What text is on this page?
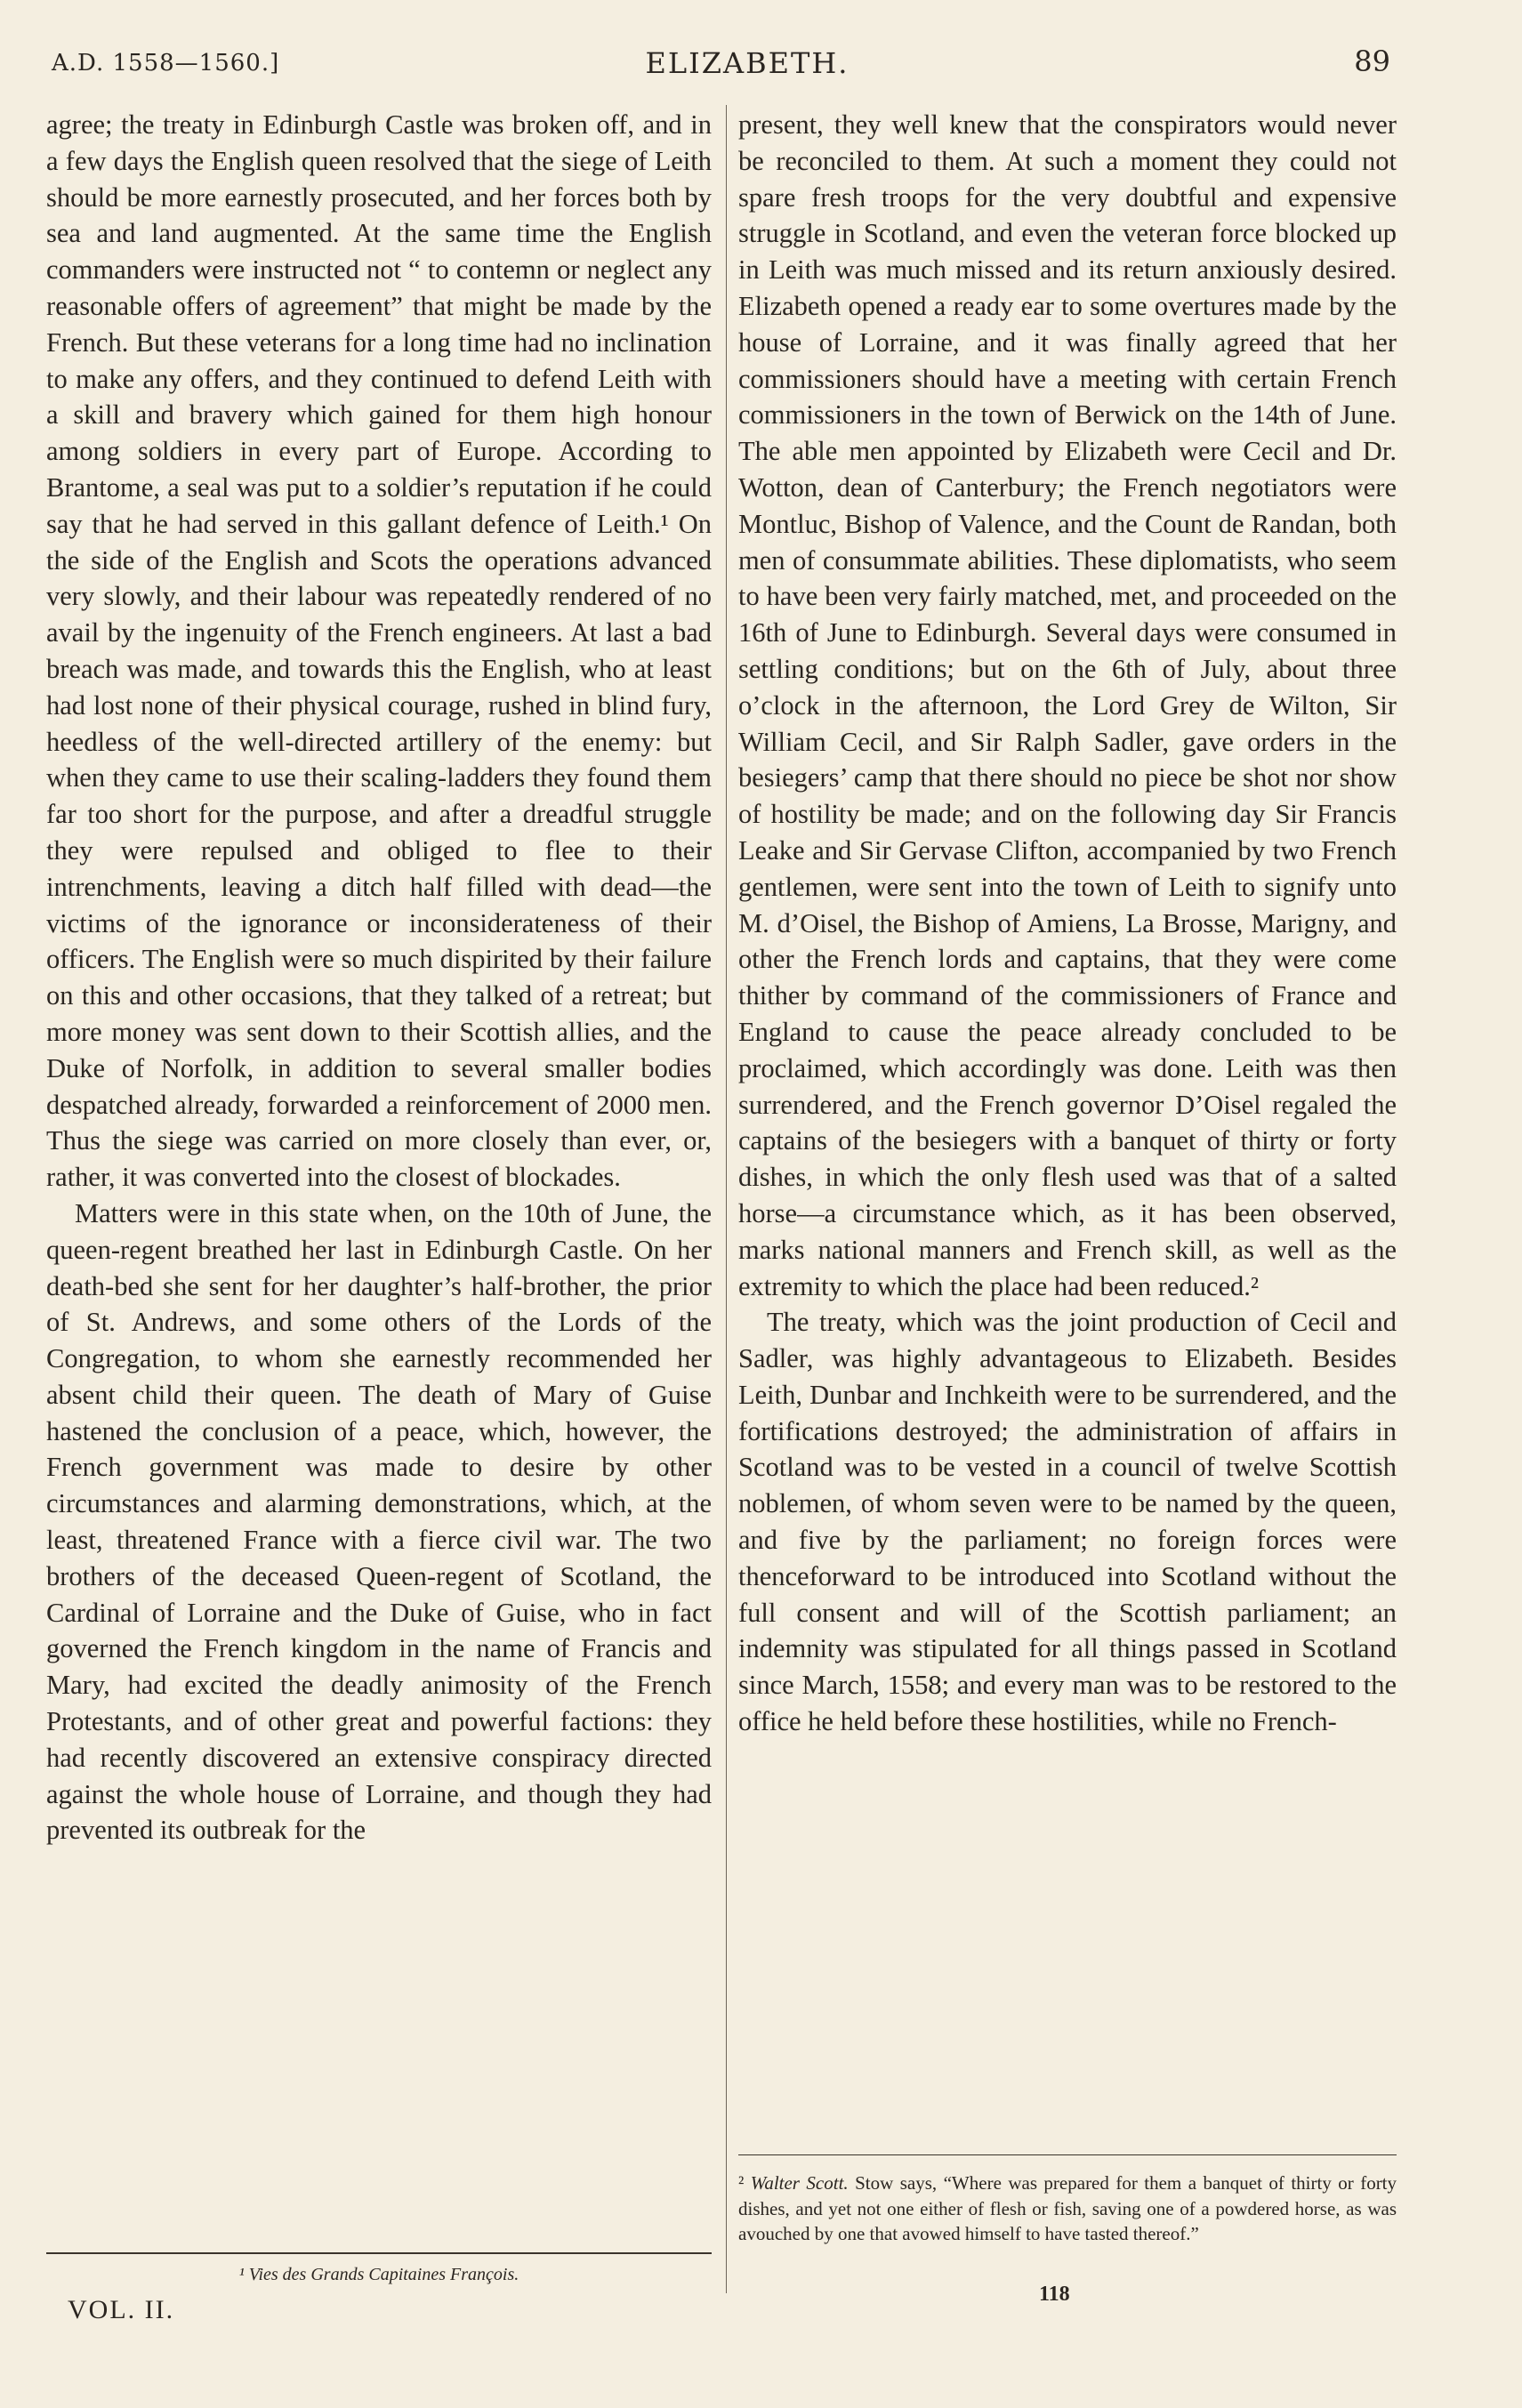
A.D. 1558—1560.]	ELIZABETH.	89

agree; the treaty in Edinburgh Castle was broken off, and in a few days the English queen resolved that the siege of Leith should be more earnestly prosecuted, and her forces both by sea and land augmented. At the same time the English commanders were instructed not “ to contemn or neglect any reasonable offers of agreement” that might be made by the French. But these veterans for a long time had no inclination to make any offers, and they continued to defend Leith with a skill and bravery which gained for them high honour among soldiers in every part of Europe. According to Brantome, a seal was put to a soldier’s reputation if he could say that he had served in this gallant defence of Leith.¹ On the side of the English and Scots the operations advanced very slowly, and their labour was repeatedly rendered of no avail by the ingenuity of the French engineers. At last a bad breach was made, and towards this the English, who at least had lost none of their physical courage, rushed in blind fury, heedless of the well-directed artillery of the enemy: but when they came to use their scaling-ladders they found them far too short for the purpose, and after a dreadful struggle they were repulsed and obliged to flee to their intrenchments, leaving a ditch half filled with dead—the victims of the ignorance or inconsiderateness of their officers. The English were so much dispirited by their failure on this and other occasions, that they talked of a retreat; but more money was sent down to their Scottish allies, and the Duke of Norfolk, in addition to several smaller bodies despatched already, forwarded a reinforcement of 2000 men. Thus the siege was carried on more closely than ever, or, rather, it was converted into the closest of blockades.

Matters were in this state when, on the 10th of June, the queen-regent breathed her last in Edinburgh Castle. On her death-bed she sent for her daughter’s half-brother, the prior of St. Andrews, and some others of the Lords of the Congregation, to whom she earnestly recommended her absent child their queen. The death of Mary of Guise hastened the conclusion of a peace, which, however, the French government was made to desire by other circumstances and alarming demonstrations, which, at the least, threatened France with a fierce civil war. The two brothers of the deceased Queen-regent of Scotland, the Cardinal of Lorraine and the Duke of Guise, who in fact governed the French kingdom in the name of Francis and Mary, had excited the deadly animosity of the French Protestants, and of other great and powerful factions: they had recently discovered an extensive conspiracy directed against the whole house of Lorraine, and though they had prevented its outbreak for the

present, they well knew that the conspirators would never be reconciled to them. At such a moment they could not spare fresh troops for the very doubtful and expensive struggle in Scotland, and even the veteran force blocked up in Leith was much missed and its return anxiously desired. Elizabeth opened a ready ear to some overtures made by the house of Lorraine, and it was finally agreed that her commissioners should have a meeting with certain French commissioners in the town of Berwick on the 14th of June. The able men appointed by Elizabeth were Cecil and Dr. Wotton, dean of Canterbury; the French negotiators were Montluc, Bishop of Valence, and the Count de Randan, both men of consummate abilities. These diplomatists, who seem to have been very fairly matched, met, and proceeded on the 16th of June to Edinburgh. Several days were consumed in settling conditions; but on the 6th of July, about three o’clock in the afternoon, the Lord Grey de Wilton, Sir William Cecil, and Sir Ralph Sadler, gave orders in the besiegers’ camp that there should no piece be shot nor show of hostility be made; and on the following day Sir Francis Leake and Sir Gervase Clifton, accompanied by two French gentlemen, were sent into the town of Leith to signify unto M. d’Oisel, the Bishop of Amiens, La Brosse, Marigny, and other the French lords and captains, that they were come thither by command of the commissioners of France and England to cause the peace already concluded to be proclaimed, which accordingly was done. Leith was then surrendered, and the French governor D’Oisel regaled the captains of the besiegers with a banquet of thirty or forty dishes, in which the only flesh used was that of a salted horse—a circumstance which, as it has been observed, marks national manners and French skill, as well as the extremity to which the place had been reduced.²

The treaty, which was the joint production of Cecil and Sadler, was highly advantageous to Elizabeth. Besides Leith, Dunbar and Inchkeith were to be surrendered, and the fortifications destroyed; the administration of affairs in Scotland was to be vested in a council of twelve Scottish noblemen, of whom seven were to be named by the queen, and five by the parliament; no foreign forces were thenceforward to be introduced into Scotland without the full consent and will of the Scottish parliament; an indemnity was stipulated for all things passed in Scotland since March, 1558; and every man was to be restored to the office he held before these hostilities, while no French-

¹ Vies des Grands Capitaines François.
VOL. II.
² Walter Scott. Stow says, “Where was prepared for them a banquet of thirty or forty dishes, and yet not one either of flesh or fish, saving one of a powdered horse, as was avouched by one that avowed himself to have tasted thereof.”
118
